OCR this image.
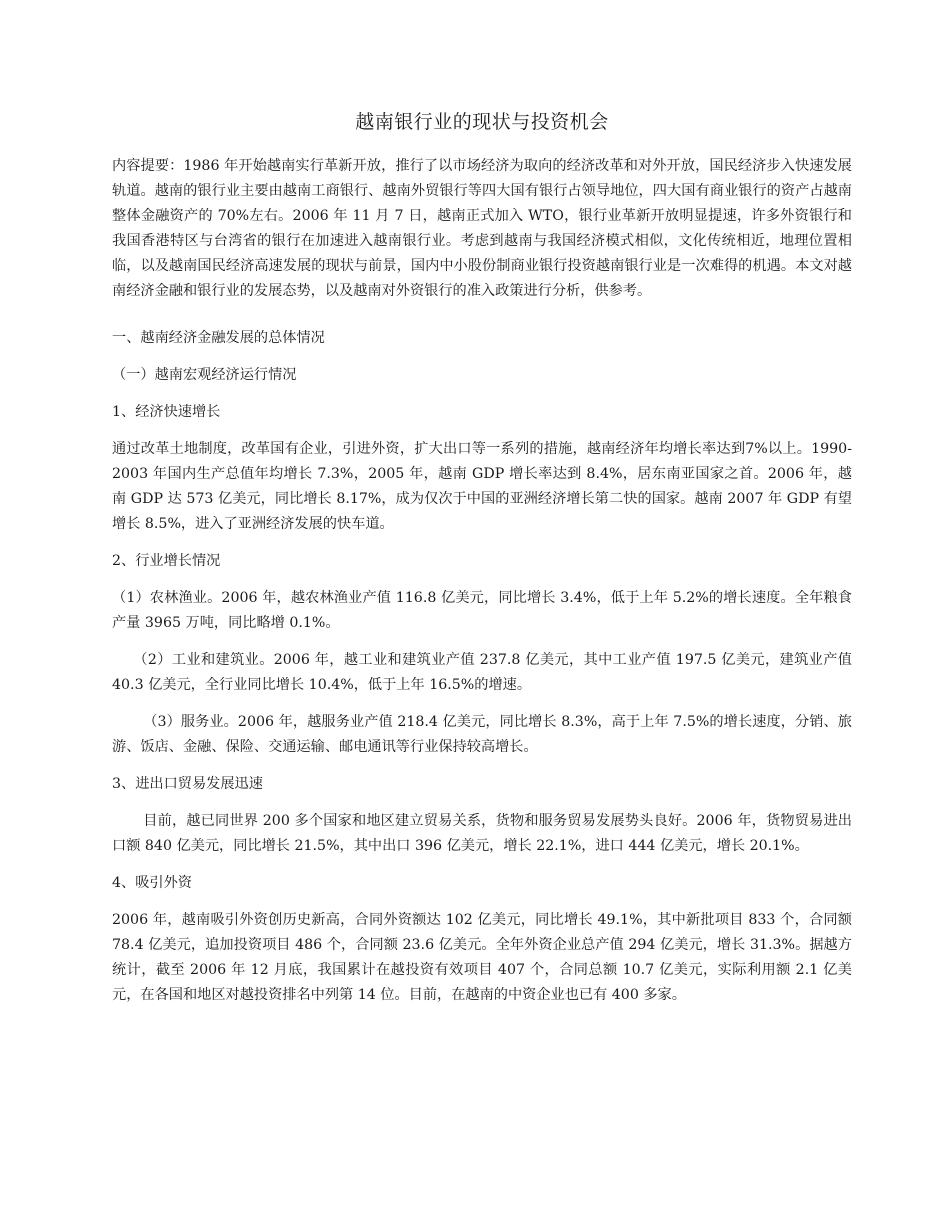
越南银行业的现状与投资机会

内容提要：1986 年开始越南实行革新开放，推行了以市场经济为取向的经济改革和对外开放，国民经济步入快速发展轨道。越南的银行业主要由越南工商银行、越南外贸银行等四大国有银行占领导地位，四大国有商业银行的资产占越南整体金融资产的 70%左右。2006 年 11 月 7 日，越南正式加入 WTO，银行业革新开放明显提速，许多外资银行和我国香港特区与台湾省的银行在加速进入越南银行业。考虑到越南与我国经济模式相似，文化传统相近，地理位置相临，以及越南国民经济高速发展的现状与前景，国内中小股份制商业银行投资越南银行业是一次难得的机遇。本文对越南经济金融和银行业的发展态势，以及越南对外资银行的准入政策进行分析，供参考。

一、越南经济金融发展的总体情况

（一）越南宏观经济运行情况

1、经济快速增长

通过改革土地制度，改革国有企业，引进外资，扩大出口等一系列的措施，越南经济年均增长率达到7%以上。1990-2003 年国内生产总值年均增长 7.3%，2005 年，越南 GDP 增长率达到 8.4%，居东南亚国家之首。2006 年，越南 GDP 达 573 亿美元，同比增长 8.17%，成为仅次于中国的亚洲经济增长第二快的国家。越南 2007 年 GDP 有望增长 8.5%，进入了亚洲经济发展的快车道。

2、行业增长情况

（1）农林渔业。2006 年，越农林渔业产值 116.8 亿美元，同比增长 3.4%，低于上年 5.2%的增长速度。全年粮食产量 3965 万吨，同比略增 0.1%。

（2）工业和建筑业。2006 年，越工业和建筑业产值 237.8 亿美元，其中工业产值 197.5 亿美元，建筑业产值 40.3 亿美元，全行业同比增长 10.4%，低于上年 16.5%的增速。

（3）服务业。2006 年，越服务业产值 218.4 亿美元，同比增长 8.3%，高于上年 7.5%的增长速度，分销、旅游、饭店、金融、保险、交通运输、邮电通讯等行业保持较高增长。

3、进出口贸易发展迅速

目前，越已同世界 200 多个国家和地区建立贸易关系，货物和服务贸易发展势头良好。2006 年，货物贸易进出口额 840 亿美元，同比增长 21.5%，其中出口 396 亿美元，增长 22.1%，进口 444 亿美元，增长 20.1%。

4、吸引外资

2006 年，越南吸引外资创历史新高，合同外资额达 102 亿美元，同比增长 49.1%，其中新批项目 833 个，合同额 78.4 亿美元，追加投资项目 486 个，合同额 23.6 亿美元。全年外资企业总产值 294 亿美元，增长 31.3%。据越方统计，截至 2006 年 12 月底，我国累计在越投资有效项目 407 个，合同总额 10.7 亿美元，实际利用额 2.1 亿美元，在各国和地区对越投资排名中列第 14 位。目前，在越南的中资企业也已有 400 多家。
